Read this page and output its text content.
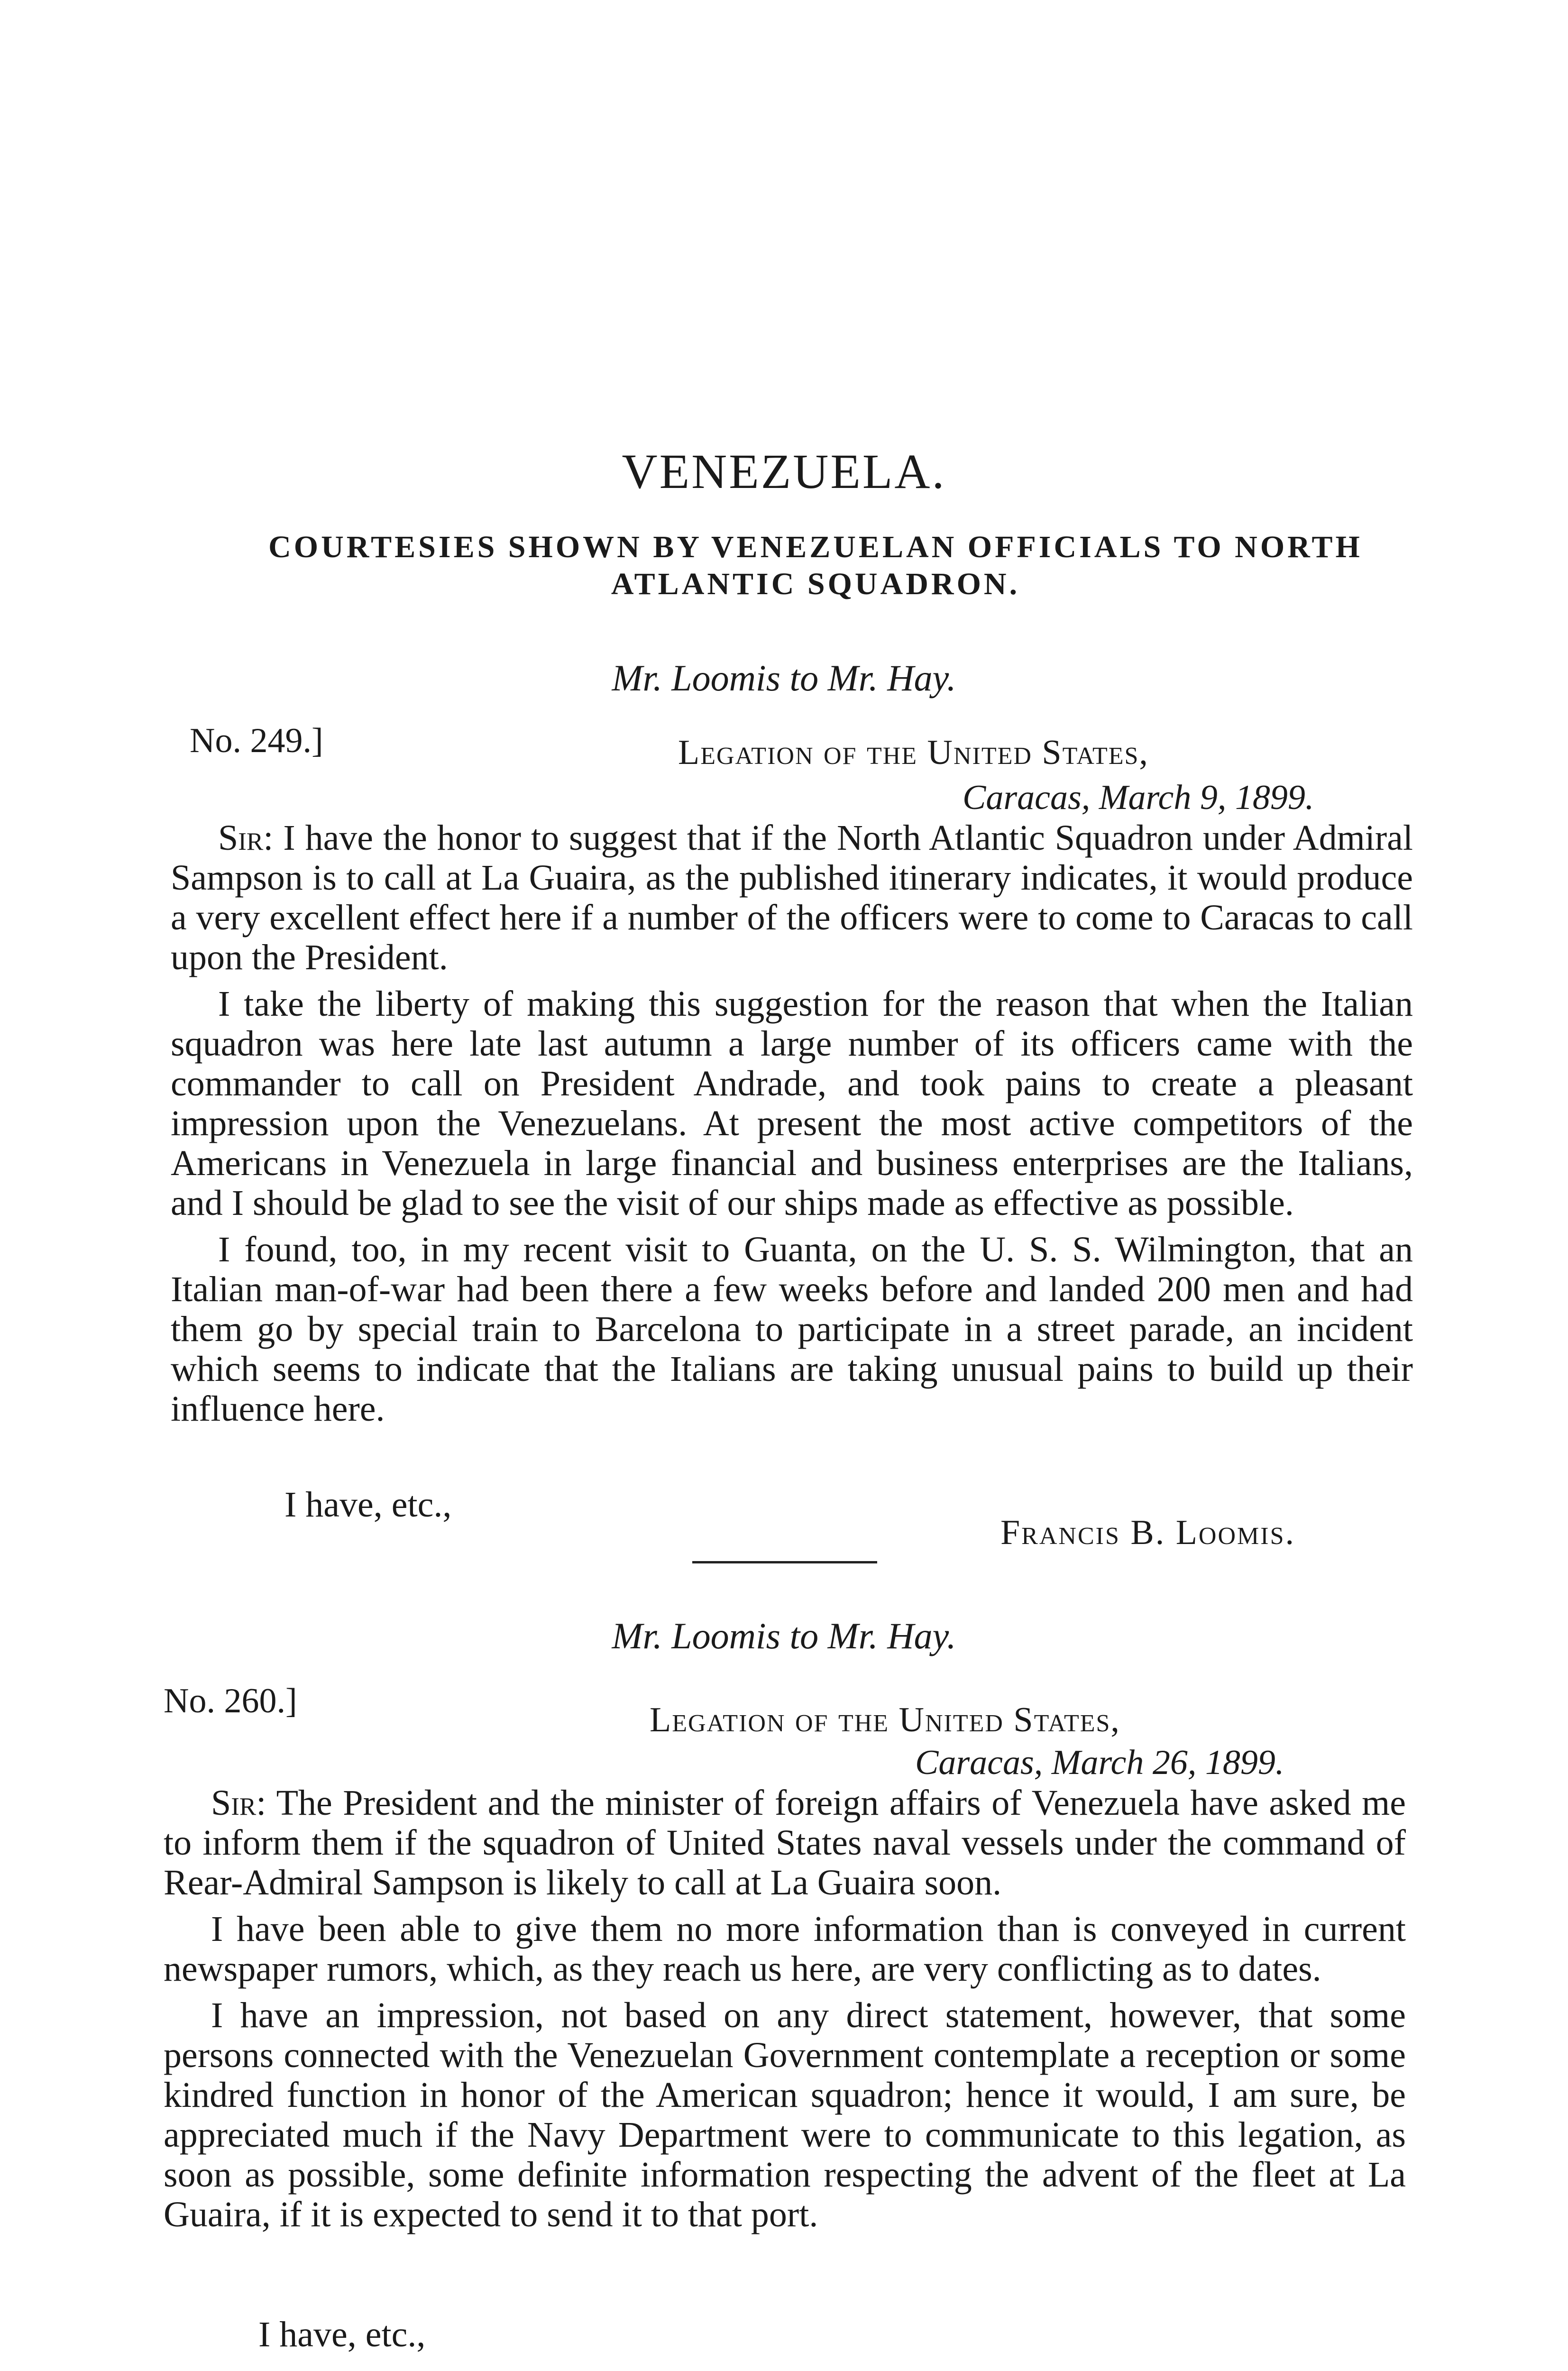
VENEZUELA.
COURTESIES SHOWN BY VENEZUELAN OFFICIALS TO NORTH ATLANTIC SQUADRON.
Mr. Loomis to Mr. Hay.
No. 249.]	Legation of the United States,
Caracas, March 9, 1899.

Sir: I have the honor to suggest that if the North Atlantic Squadron under Admiral Sampson is to call at La Guaira, as the published itinerary indicates, it would produce a very excellent effect here if a number of the officers were to come to Caracas to call upon the President.

I take the liberty of making this suggestion for the reason that when the Italian squadron was here late last autumn a large number of its officers came with the commander to call on President Andrade, and took pains to create a pleasant impression upon the Venezuelans. At present the most active competitors of the Americans in Venezuela in large financial and business enterprises are the Italians, and I should be glad to see the visit of our ships made as effective as possible.

I found, too, in my recent visit to Guanta, on the U. S. S. Wilmington, that an Italian man-of-war had been there a few weeks before and landed 200 men and had them go by special train to Barcelona to participate in a street parade, an incident which seems to indicate that the Italians are taking unusual pains to build up their influence here.

I have, etc.,
Francis B. Loomis.
Mr. Loomis to Mr. Hay.
No. 260.]	Legation of the United States,
Caracas, March 26, 1899.

Sir: The President and the minister of foreign affairs of Venezuela have asked me to inform them if the squadron of United States naval vessels under the command of Rear-Admiral Sampson is likely to call at La Guaira soon.

I have been able to give them no more information than is conveyed in current newspaper rumors, which, as they reach us here, are very conflicting as to dates.

I have an impression, not based on any direct statement, however, that some persons connected with the Venezuelan Government contemplate a reception or some kindred function in honor of the American squadron; hence it would, I am sure, be appreciated much if the Navy Department were to communicate to this legation, as soon as possible, some definite information respecting the advent of the fleet at La Guaira, if it is expected to send it to that port.

I have, etc.,
